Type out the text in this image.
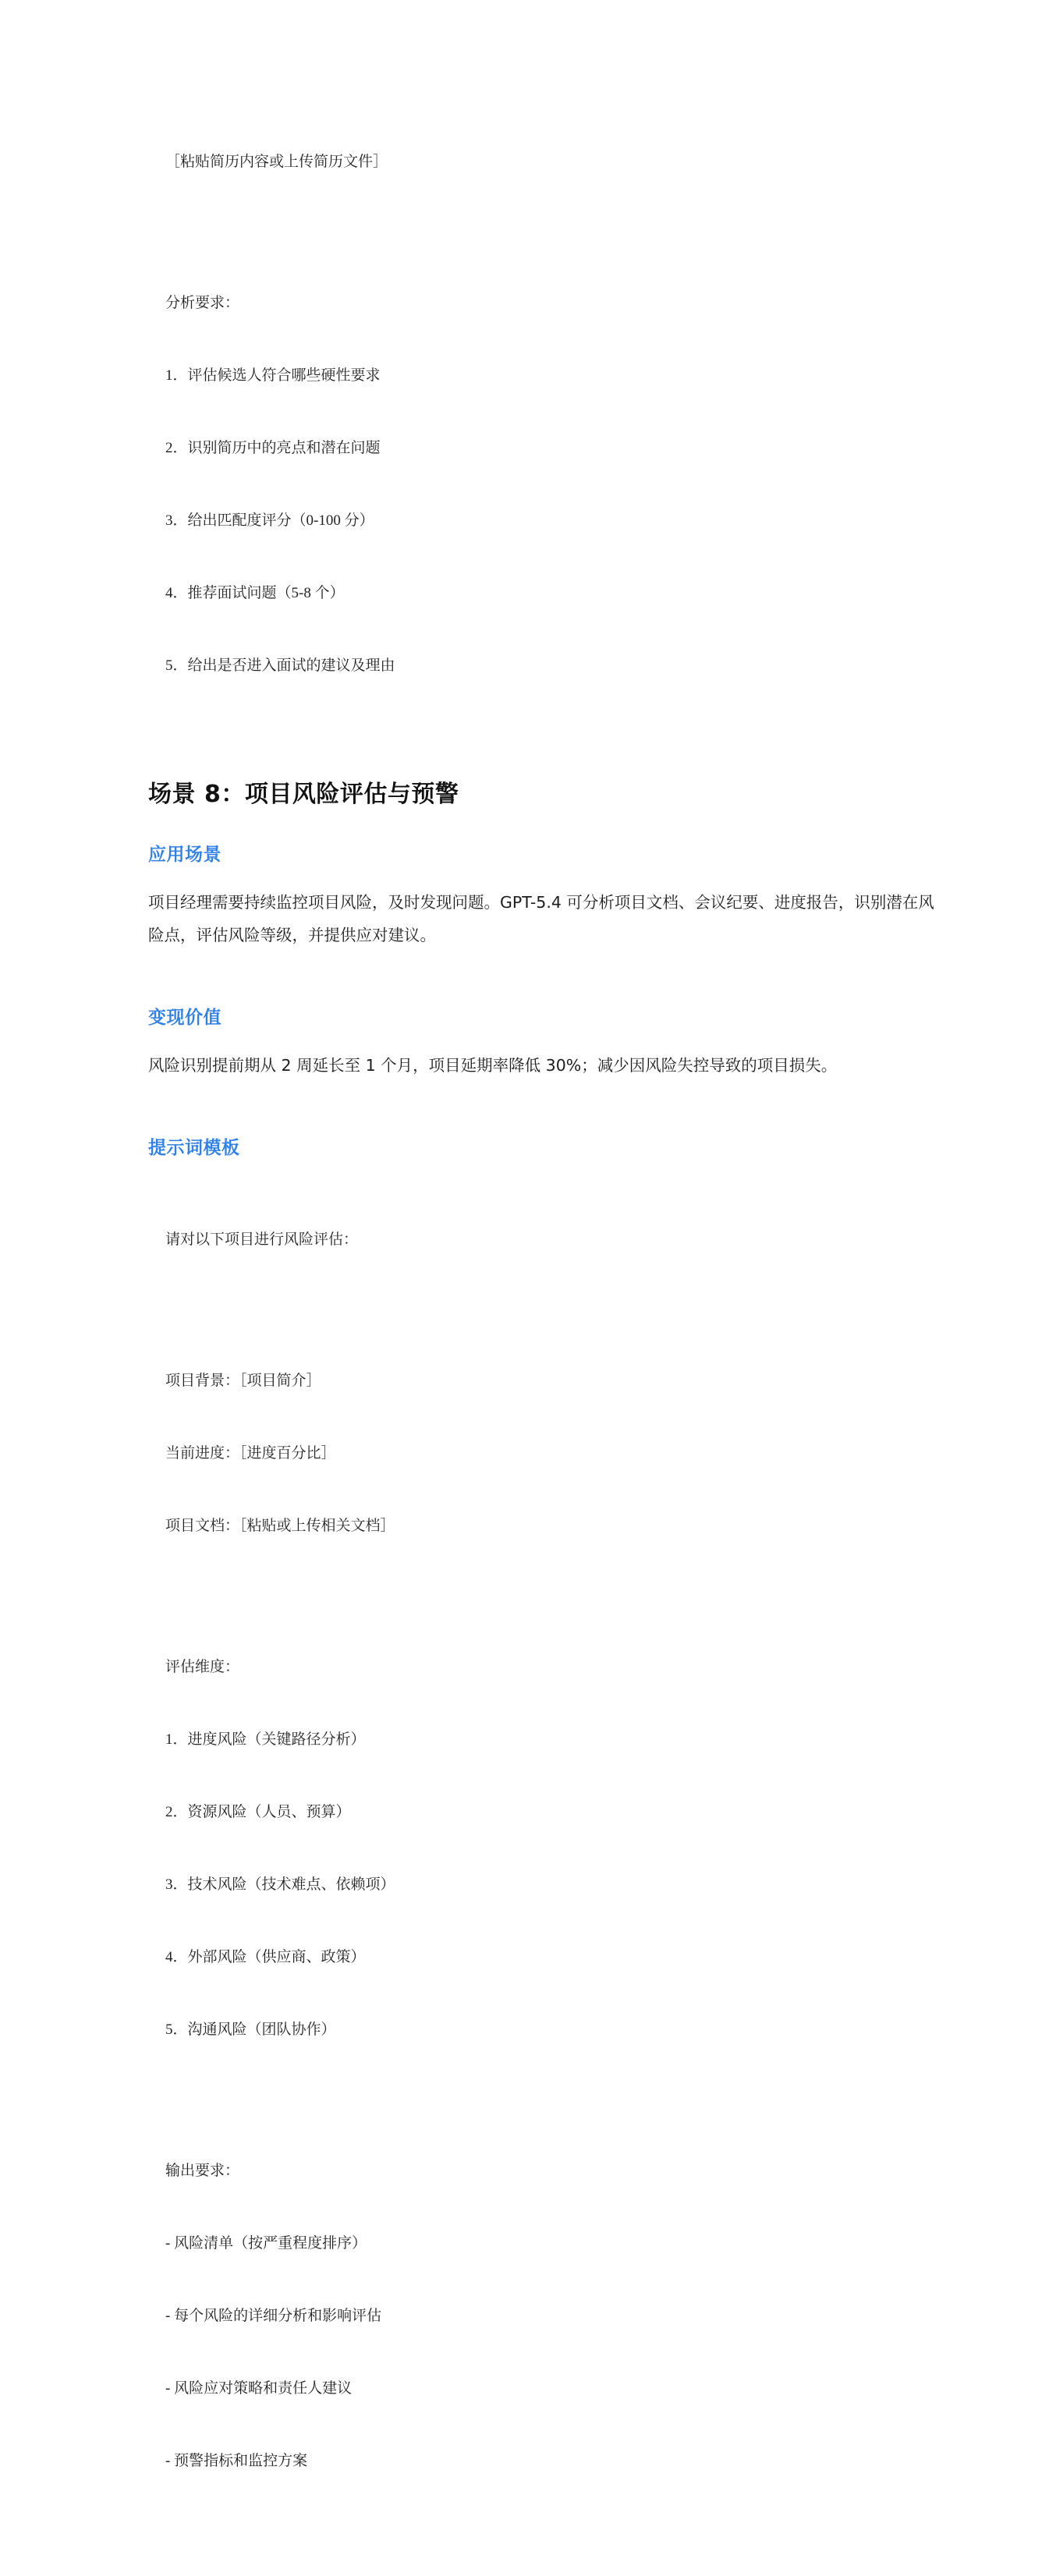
［粘贴简历内容或上传简历文件］

分析要求：

1．评估候选人符合哪些硬性要求

2．识别简历中的亮点和潜在问题

3．给出匹配度评分（0-100 分）

4．推荐面试问题（5-8 个）

5．给出是否进入面试的建议及理由

场景 8：项目风险评估与预警
应用场景

项目经理需要持续监控项目风险，及时发现问题。GPT-5.4 可分析项目文档、会议纪要、进度报告，识别潜在风险点，评估风险等级，并提供应对建议。

变现价值

风险识别提前期从 2 周延长至 1 个月，项目延期率降低 30%；减少因风险失控导致的项目损失。

提示词模板

请对以下项目进行风险评估：

项目背景：［项目简介］

当前进度：［进度百分比］

项目文档：［粘贴或上传相关文档］

评估维度：

1．进度风险（关键路径分析）

2．资源风险（人员、预算）

3．技术风险（技术难点、依赖项）

4．外部风险（供应商、政策）

5．沟通风险（团队协作）

输出要求：

- 风险清单（按严重程度排序）

- 每个风险的详细分析和影响评估

- 风险应对策略和责任人建议

- 预警指标和监控方案
